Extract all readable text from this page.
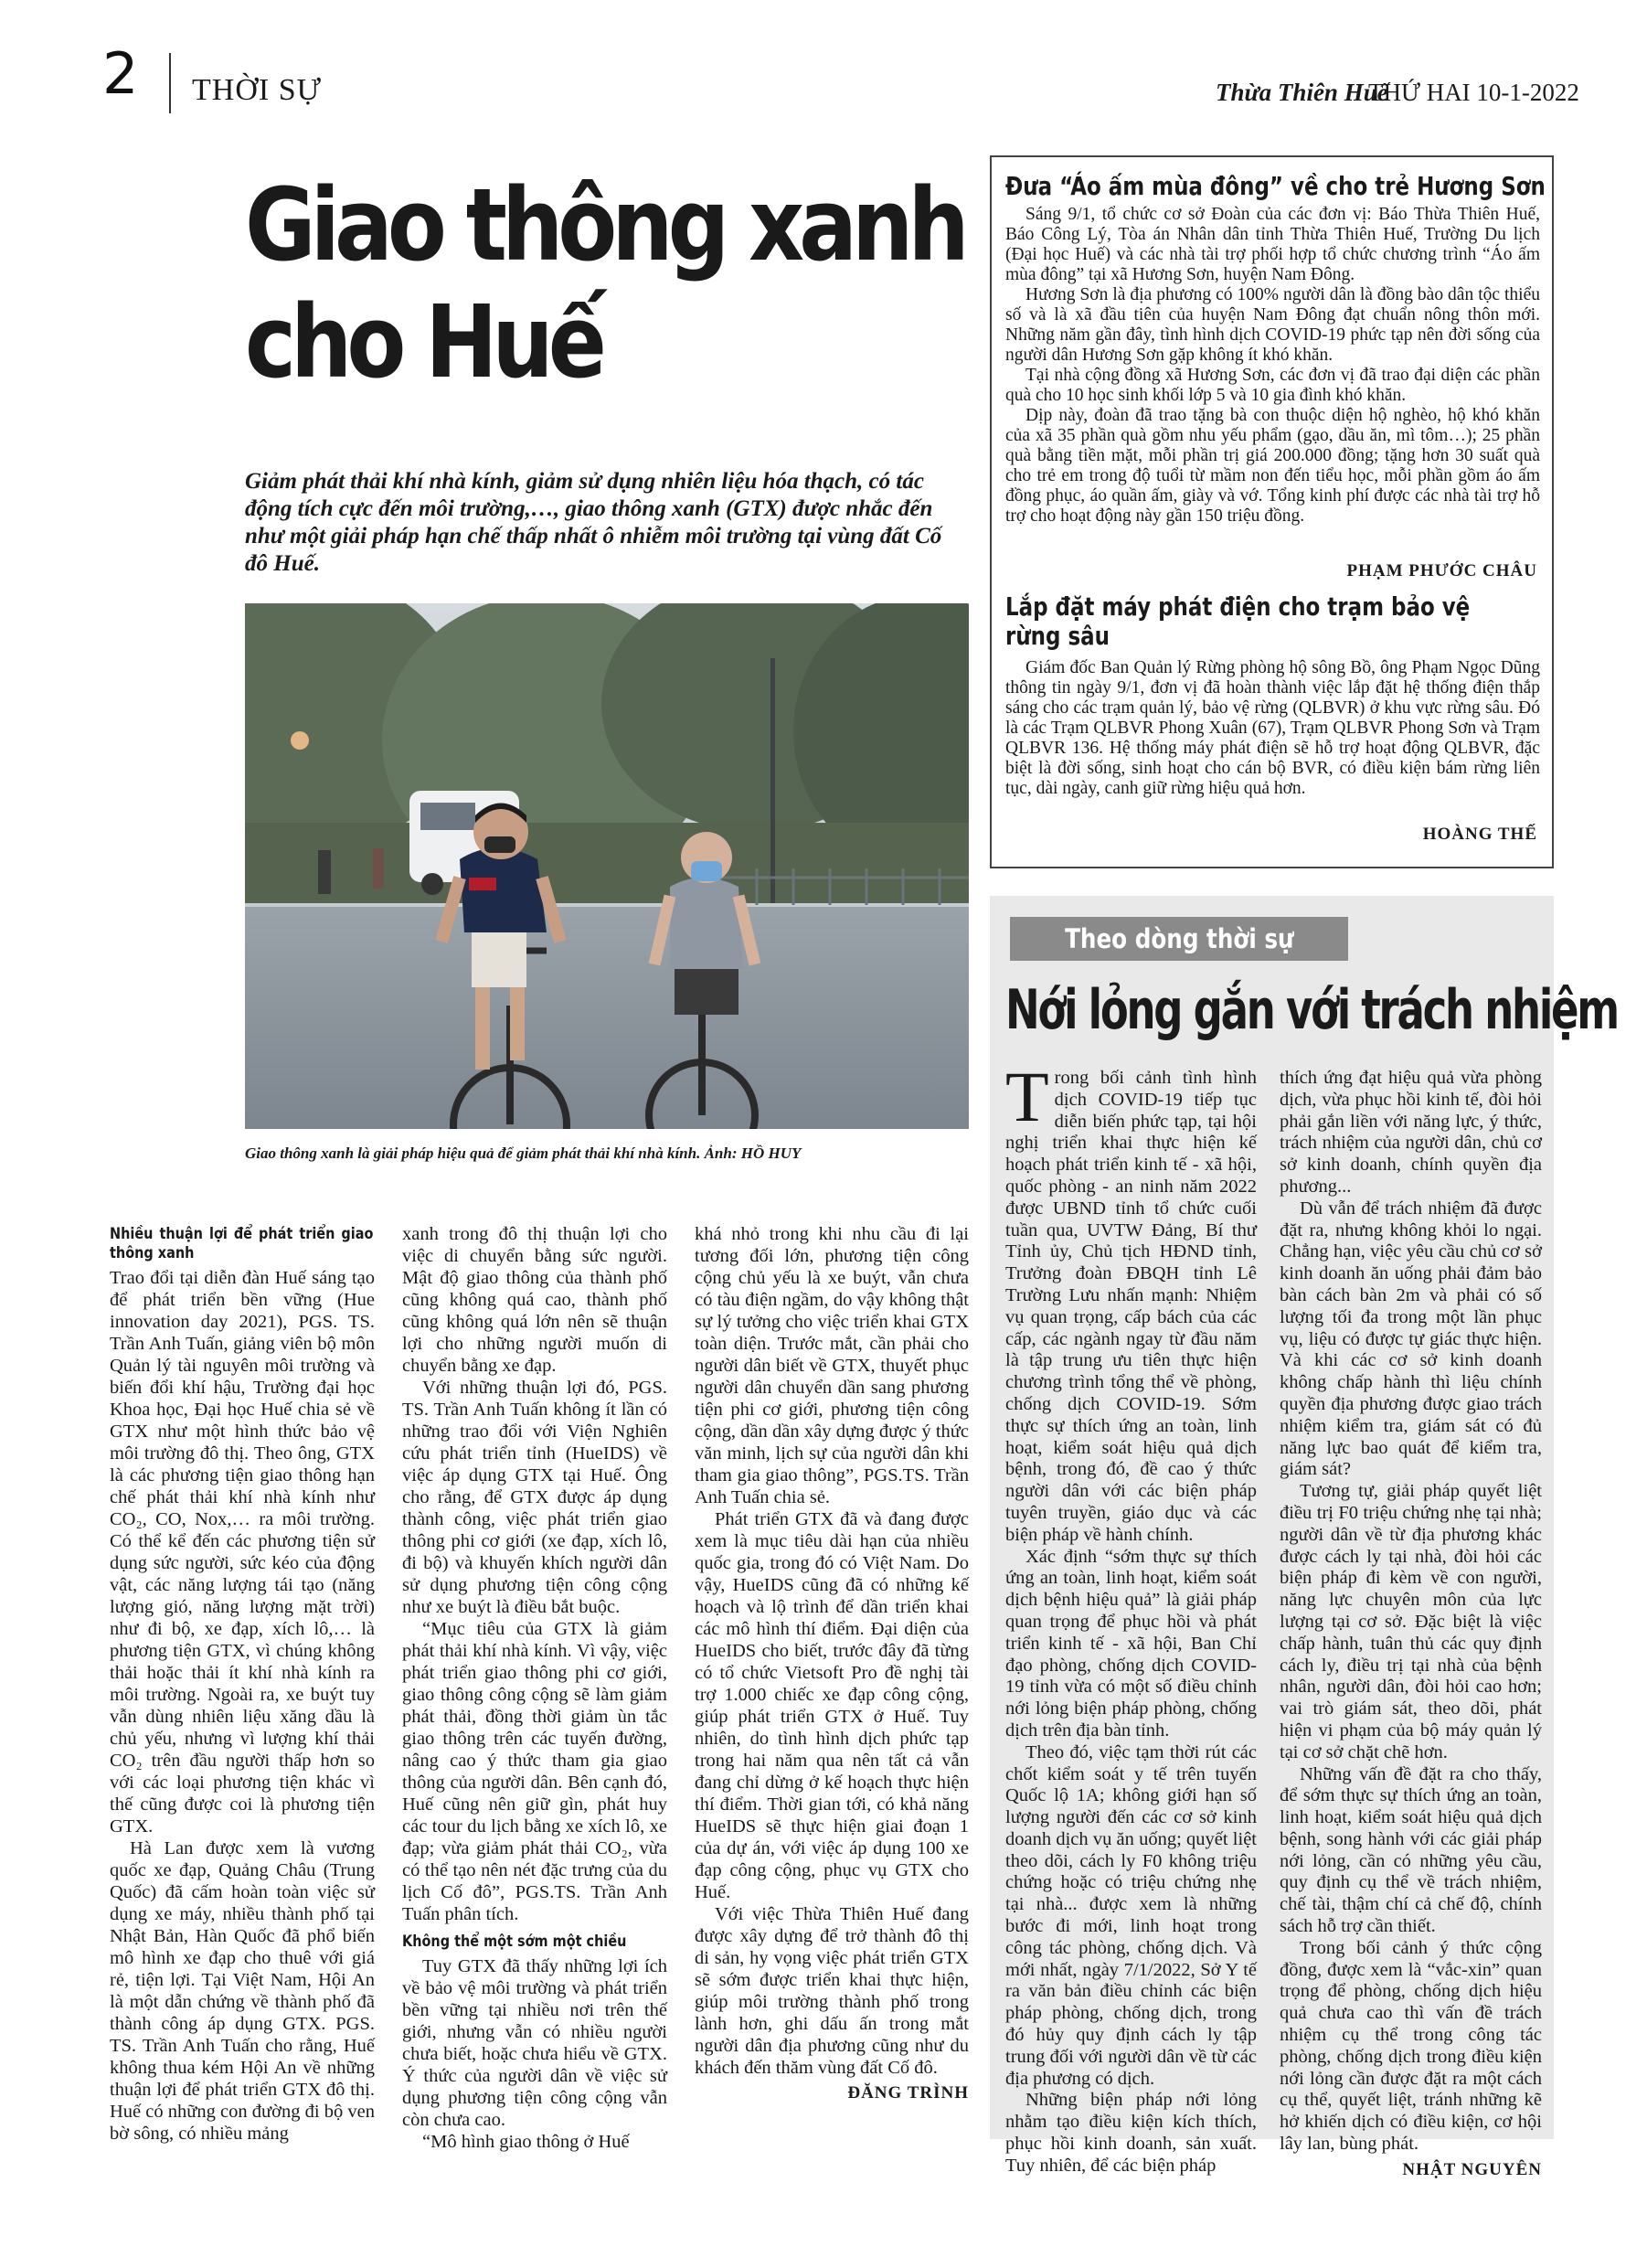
2 THỜI SỰ	Thừa Thiên Huế
THỨ HAI 10-1-2022
Giao thông xanh
cho Huế
Giảm phát thải khí nhà kính, giảm sử dụng nhiên liệu hóa thạch, có tác động tích cực đến môi trường,…, giao thông xanh (GTX) được nhắc đến như một giải pháp hạn chế thấp nhất ô nhiễm môi trường tại vùng đất Cố đô Huế.
Giao thông xanh là giải pháp hiệu quả để giảm phát thải khí nhà kính. Ảnh: HỒ HUY
Nhiều thuận lợi để phát triển giao thông xanh

Trao đổi tại diễn đàn Huế sáng tạo để phát triển bền vững (Hue innovation day 2021), PGS. TS. Trần Anh Tuấn, giảng viên bộ môn Quản lý tài nguyên môi trường và biến đổi khí hậu, Trường đại học Khoa học, Đại học Huế chia sẻ về GTX như một hình thức bảo vệ môi trường đô thị. Theo ông, GTX là các phương tiện giao thông hạn chế phát thải khí nhà kính như CO₂, CO, Nox,… ra môi trường. Có thể kể đến các phương tiện sử dụng sức người, sức kéo của động vật, các năng lượng tái tạo (năng lượng gió, năng lượng mặt trời) như đi bộ, xe đạp, xích lô,… là phương tiện GTX, vì chúng không thải hoặc thải ít khí nhà kính ra môi trường. Ngoài ra, xe buýt tuy vẫn dùng nhiên liệu xăng dầu là chủ yếu, nhưng vì lượng khí thải CO₂ trên đầu người thấp hơn so với các loại phương tiện khác vì thế cũng được coi là phương tiện GTX.

Hà Lan được xem là vương quốc xe đạp, Quảng Châu (Trung Quốc) đã cấm hoàn toàn việc sử dụng xe máy, nhiều thành phố tại Nhật Bản, Hàn Quốc đã phổ biến mô hình xe đạp cho thuê với giá rẻ, tiện lợi. Tại Việt Nam, Hội An là một dẫn chứng về thành phố đã thành công áp dụng GTX. PGS. TS. Trần Anh Tuấn cho rằng, Huế không thua kém Hội An về những thuận lợi để phát triển GTX đô thị. Huế có những con đường đi bộ ven bờ sông, có nhiều mảng

xanh trong đô thị thuận lợi cho việc di chuyển bằng sức người. Mật độ giao thông của thành phố cũng không quá cao, thành phố cũng không quá lớn nên sẽ thuận lợi cho những người muốn di chuyển bằng xe đạp.

Với những thuận lợi đó, PGS. TS. Trần Anh Tuấn không ít lần có những trao đổi với Viện Nghiên cứu phát triển tỉnh (HueIDS) về việc áp dụng GTX tại Huế. Ông cho rằng, để GTX được áp dụng thành công, việc phát triển giao thông phi cơ giới (xe đạp, xích lô, đi bộ) và khuyến khích người dân sử dụng phương tiện công cộng như xe buýt là điều bắt buộc.

“Mục tiêu của GTX là giảm phát thải khí nhà kính. Vì vậy, việc phát triển giao thông phi cơ giới, giao thông công cộng sẽ làm giảm phát thải, đồng thời giảm ùn tắc giao thông trên các tuyến đường, nâng cao ý thức tham gia giao thông của người dân. Bên cạnh đó, Huế cũng nên giữ gìn, phát huy các tour du lịch bằng xe xích lô, xe đạp; vừa giảm phát thải CO₂, vừa có thể tạo nên nét đặc trưng của du lịch Cố đô”, PGS.TS. Trần Anh Tuấn phân tích.

Không thể một sớm một chiều

Tuy GTX đã thấy những lợi ích về bảo vệ môi trường và phát triển bền vững tại nhiều nơi trên thế giới, nhưng vẫn có nhiều người chưa biết, hoặc chưa hiểu về GTX. Ý thức của người dân về việc sử dụng phương tiện công cộng vẫn còn chưa cao.

“Mô hình giao thông ở Huế

khá nhỏ trong khi nhu cầu đi lại tương đối lớn, phương tiện công cộng chủ yếu là xe buýt, vẫn chưa có tàu điện ngầm, do vậy không thật sự lý tưởng cho việc triển khai GTX toàn diện. Trước mắt, cần phải cho người dân biết về GTX, thuyết phục người dân chuyển dần sang phương tiện phi cơ giới, phương tiện công cộng, dần dần xây dựng được ý thức văn minh, lịch sự của người dân khi tham gia giao thông”, PGS.TS. Trần Anh Tuấn chia sẻ.

Phát triển GTX đã và đang được xem là mục tiêu dài hạn của nhiều quốc gia, trong đó có Việt Nam. Do vậy, HueIDS cũng đã có những kế hoạch và lộ trình để dần triển khai các mô hình thí điểm. Đại diện của HueIDS cho biết, trước đây đã từng có tổ chức Vietsoft Pro đề nghị tài trợ 1.000 chiếc xe đạp công cộng, giúp phát triển GTX ở Huế. Tuy nhiên, do tình hình dịch phức tạp trong hai năm qua nên tất cả vẫn đang chỉ dừng ở kế hoạch thực hiện thí điểm. Thời gian tới, có khả năng HueIDS sẽ thực hiện giai đoạn 1 của dự án, với việc áp dụng 100 xe đạp công cộng, phục vụ GTX cho Huế.

Với việc Thừa Thiên Huế đang được xây dựng để trở thành đô thị di sản, hy vọng việc phát triển GTX sẽ sớm được triển khai thực hiện, giúp môi trường thành phố trong lành hơn, ghi dấu ấn trong mắt người dân địa phương cũng như du khách đến thăm vùng đất Cố đô.

ĐĂNG TRÌNH
Đưa “Áo ấm mùa đông” về cho trẻ Hương Sơn

Sáng 9/1, tổ chức cơ sở Đoàn của các đơn vị: Báo Thừa Thiên Huế, Báo Công Lý, Tòa án Nhân dân tỉnh Thừa Thiên Huế, Trường Du lịch (Đại học Huế) và các nhà tài trợ phối hợp tổ chức chương trình “Áo ấm mùa đông” tại xã Hương Sơn, huyện Nam Đông.

Hương Sơn là địa phương có 100% người dân là đồng bào dân tộc thiểu số và là xã đầu tiên của huyện Nam Đông đạt chuẩn nông thôn mới. Những năm gần đây, tình hình dịch COVID-19 phức tạp nên đời sống của người dân Hương Sơn gặp không ít khó khăn.

Tại nhà cộng đồng xã Hương Sơn, các đơn vị đã trao đại diện các phần quà cho 10 học sinh khối lớp 5 và 10 gia đình khó khăn.

Dịp này, đoàn đã trao tặng bà con thuộc diện hộ nghèo, hộ khó khăn của xã 35 phần quà gồm nhu yếu phẩm (gạo, dầu ăn, mì tôm…); 25 phần quà bằng tiền mặt, mỗi phần trị giá 200.000 đồng; tặng hơn 30 suất quà cho trẻ em trong độ tuổi từ mầm non đến tiểu học, mỗi phần gồm áo ấm đồng phục, áo quần ấm, giày và vớ. Tổng kinh phí được các nhà tài trợ hỗ trợ cho hoạt động này gần 150 triệu đồng.

PHẠM PHƯỚC CHÂU
Lắp đặt máy phát điện cho trạm bảo vệ
rừng sâu

Giám đốc Ban Quản lý Rừng phòng hộ sông Bồ, ông Phạm Ngọc Dũng thông tin ngày 9/1, đơn vị đã hoàn thành việc lắp đặt hệ thống điện thắp sáng cho các trạm quản lý, bảo vệ rừng (QLBVR) ở khu vực rừng sâu. Đó là các Trạm QLBVR Phong Xuân (67), Trạm QLBVR Phong Sơn và Trạm QLBVR 136. Hệ thống máy phát điện sẽ hỗ trợ hoạt động QLBVR, đặc biệt là đời sống, sinh hoạt cho cán bộ BVR, có điều kiện bám rừng liên tục, dài ngày, canh giữ rừng hiệu quả hơn.

HOÀNG THẾ
Theo dòng thời sự
Nới lỏng gắn với trách nhiệm

Trong bối cảnh tình hình dịch COVID-19 tiếp tục diễn biến phức tạp, tại hội nghị triển khai thực hiện kế hoạch phát triển kinh tế - xã hội, quốc phòng - an ninh năm 2022 được UBND tỉnh tổ chức cuối tuần qua, UVTW Đảng, Bí thư Tỉnh ủy, Chủ tịch HĐND tỉnh, Trưởng đoàn ĐBQH tỉnh Lê Trường Lưu nhấn mạnh: Nhiệm vụ quan trọng, cấp bách của các cấp, các ngành ngay từ đầu năm là tập trung ưu tiên thực hiện chương trình tổng thể về phòng, chống dịch COVID-19. Sớm thực sự thích ứng an toàn, linh hoạt, kiểm soát hiệu quả dịch bệnh, trong đó, đề cao ý thức người dân với các biện pháp tuyên truyền, giáo dục và các biện pháp về hành chính.

Xác định “sớm thực sự thích ứng an toàn, linh hoạt, kiểm soát dịch bệnh hiệu quả” là giải pháp quan trọng để phục hồi và phát triển kinh tế - xã hội, Ban Chỉ đạo phòng, chống dịch COVID-19 tỉnh vừa có một số điều chỉnh nới lỏng biện pháp phòng, chống dịch trên địa bàn tỉnh.

Theo đó, việc tạm thời rút các chốt kiểm soát y tế trên tuyến Quốc lộ 1A; không giới hạn số lượng người đến các cơ sở kinh doanh dịch vụ ăn uống; quyết liệt theo dõi, cách ly F0 không triệu chứng hoặc có triệu chứng nhẹ tại nhà... được xem là những bước đi mới, linh hoạt trong công tác phòng, chống dịch. Và mới nhất, ngày 7/1/2022, Sở Y tế ra văn bản điều chỉnh các biện pháp phòng, chống dịch, trong đó hủy quy định cách ly tập trung đối với người dân về từ các địa phương có dịch.

Những biện pháp nới lỏng nhằm tạo điều kiện kích thích, phục hồi kinh doanh, sản xuất. Tuy nhiên, để các biện pháp

thích ứng đạt hiệu quả vừa phòng dịch, vừa phục hồi kinh tế, đòi hỏi phải gắn liền với năng lực, ý thức, trách nhiệm của người dân, chủ cơ sở kinh doanh, chính quyền địa phương...

Dù vẫn để trách nhiệm đã được đặt ra, nhưng không khỏi lo ngại. Chẳng hạn, việc yêu cầu chủ cơ sở kinh doanh ăn uống phải đảm bảo bàn cách bàn 2m và phải có số lượng tối đa trong một lần phục vụ, liệu có được tự giác thực hiện. Và khi các cơ sở kinh doanh không chấp hành thì liệu chính quyền địa phương được giao trách nhiệm kiểm tra, giám sát có đủ năng lực bao quát để kiểm tra, giám sát?

Tương tự, giải pháp quyết liệt điều trị F0 triệu chứng nhẹ tại nhà; người dân về từ địa phương khác được cách ly tại nhà, đòi hỏi các biện pháp đi kèm về con người, năng lực chuyên môn của lực lượng tại cơ sở. Đặc biệt là việc chấp hành, tuân thủ các quy định cách ly, điều trị tại nhà của bệnh nhân, người dân, đòi hỏi cao hơn; vai trò giám sát, theo dõi, phát hiện vi phạm của bộ máy quản lý tại cơ sở chặt chẽ hơn.

Những vấn đề đặt ra cho thấy, để sớm thực sự thích ứng an toàn, linh hoạt, kiểm soát hiệu quả dịch bệnh, song hành với các giải pháp nới lỏng, cần có những yêu cầu, quy định cụ thể về trách nhiệm, chế tài, thậm chí cả chế độ, chính sách hỗ trợ cần thiết.

Trong bối cảnh ý thức cộng đồng, được xem là “vắc-xin” quan trọng để phòng, chống dịch hiệu quả chưa cao thì vấn đề trách nhiệm cụ thể trong công tác phòng, chống dịch trong điều kiện nới lỏng cần được đặt ra một cách cụ thể, quyết liệt, tránh những kẽ hở khiến dịch có điều kiện, cơ hội lây lan, bùng phát.

NHẬT NGUYÊN
